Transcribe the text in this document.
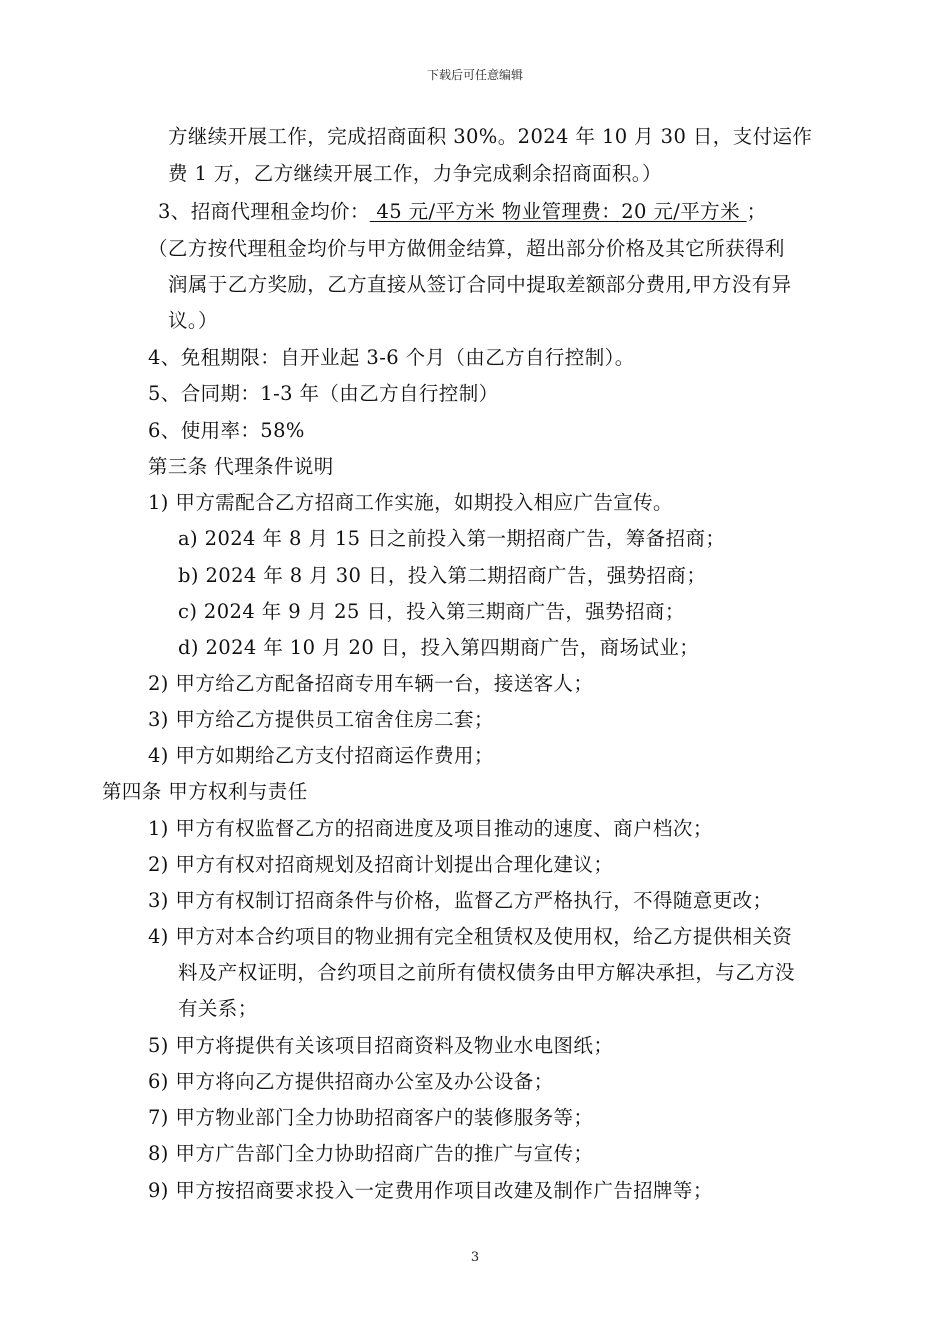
下载后可任意编辑
方继续开展工作，完成招商面积 30%。2024 年 10 月 30 日，支付运作
费 1 万，乙方继续开展工作，力争完成剩余招商面积。）
3、招商代理租金均价： 45 元/平方米 物业管理费：20 元/平方米 ；
（乙方按代理租金均价与甲方做佣金结算，超出部分价格及其它所获得利
润属于乙方奖励，乙方直接从签订合同中提取差额部分费用,甲方没有异
议。）
4、免租期限：自开业起 3-6 个月（由乙方自行控制）。
5、合同期：1-3 年（由乙方自行控制）
6、使用率：58%
第三条 代理条件说明
1) 甲方需配合乙方招商工作实施，如期投入相应广告宣传。
a) 2024 年 8 月 15 日之前投入第一期招商广告，筹备招商；
b) 2024 年 8 月 30 日，投入第二期招商广告，强势招商；
c) 2024 年 9 月 25 日，投入第三期商广告，强势招商；
d) 2024 年 10 月 20 日，投入第四期商广告，商场试业；
2) 甲方给乙方配备招商专用车辆一台，接送客人；
3) 甲方给乙方提供员工宿舍住房二套；
4) 甲方如期给乙方支付招商运作费用；
第四条 甲方权利与责任
1) 甲方有权监督乙方的招商进度及项目推动的速度、商户档次；
2) 甲方有权对招商规划及招商计划提出合理化建议；
3) 甲方有权制订招商条件与价格，监督乙方严格执行，不得随意更改；
4) 甲方对本合约项目的物业拥有完全租赁权及使用权，给乙方提供相关资
料及产权证明，合约项目之前所有债权债务由甲方解决承担，与乙方没
有关系；
5) 甲方将提供有关该项目招商资料及物业水电图纸；
6) 甲方将向乙方提供招商办公室及办公设备；
7) 甲方物业部门全力协助招商客户的装修服务等；
8) 甲方广告部门全力协助招商广告的推广与宣传；
9) 甲方按招商要求投入一定费用作项目改建及制作广告招牌等；
3
